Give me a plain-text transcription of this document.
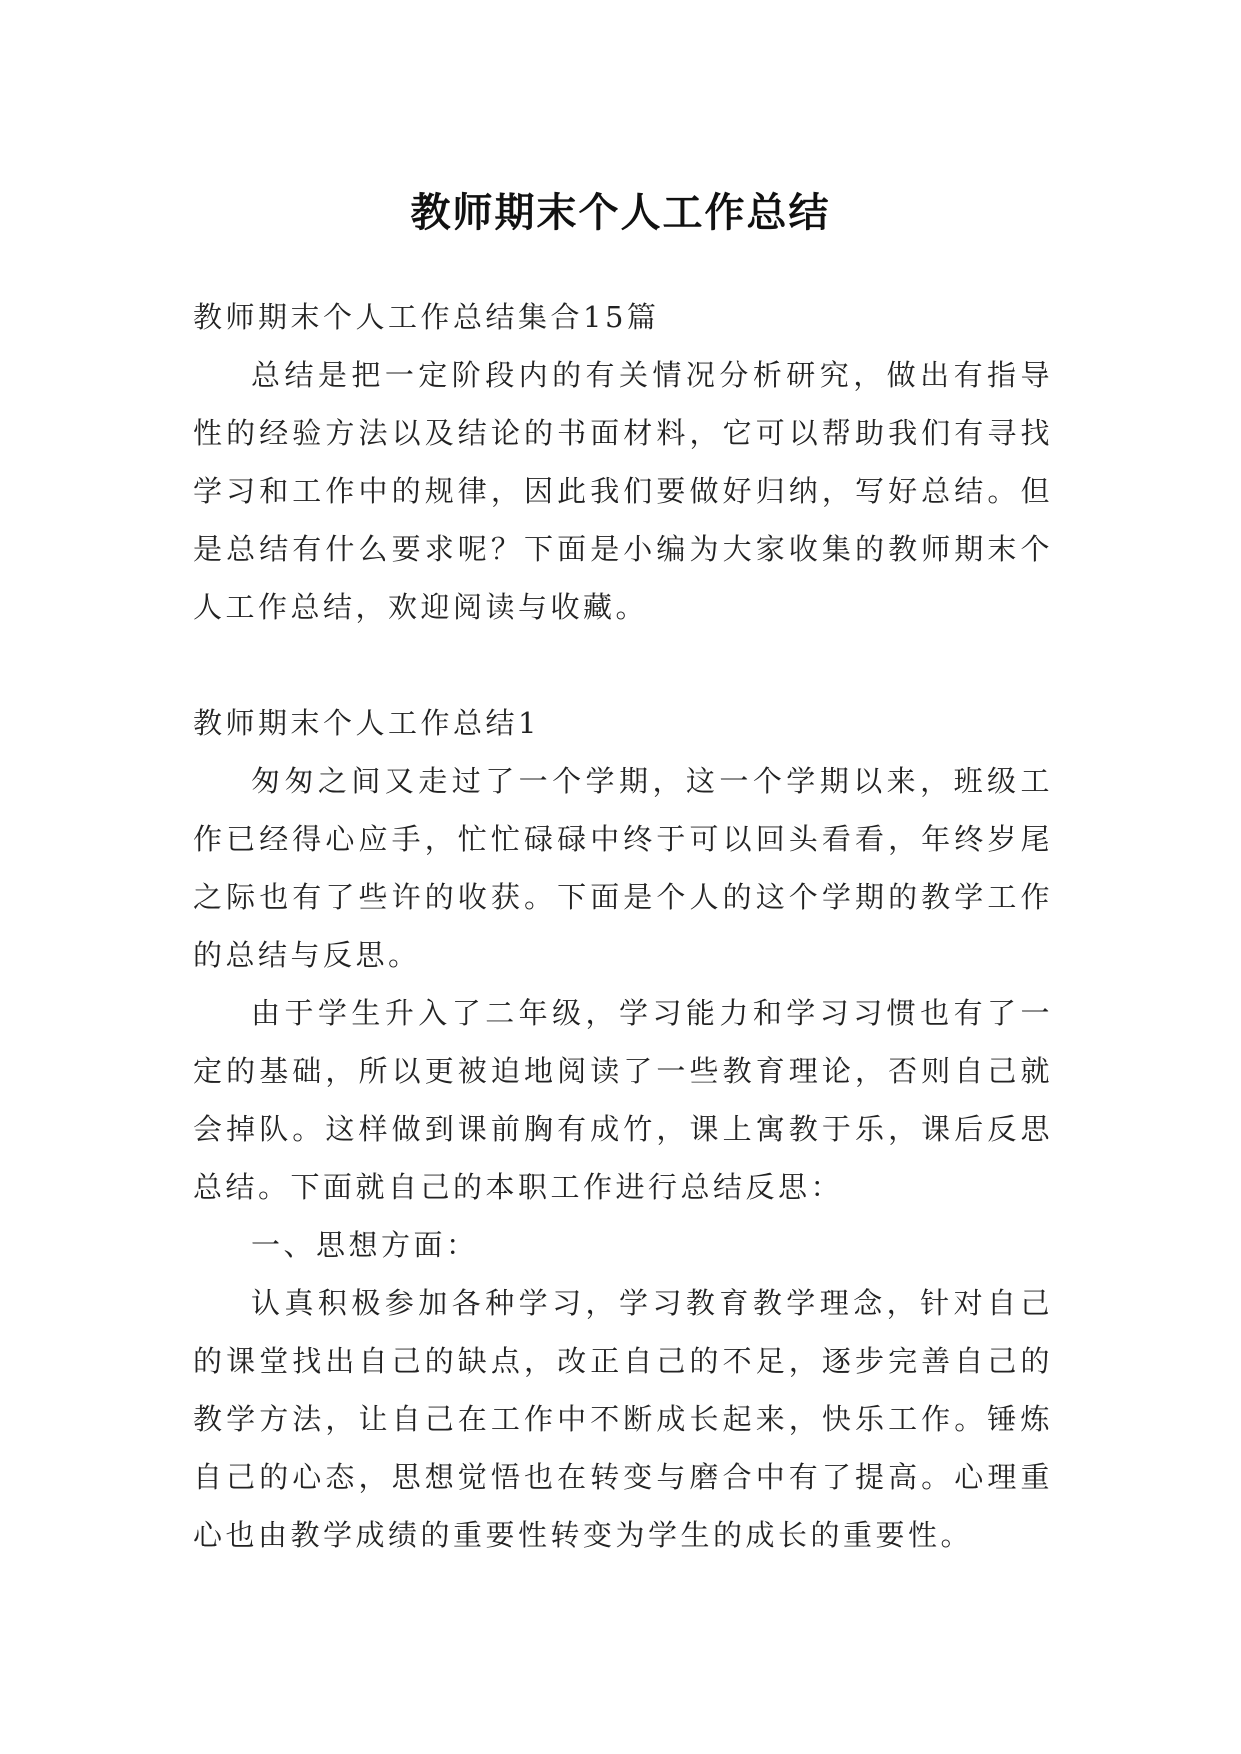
教师期末个人工作总结

教师期末个人工作总结集合15篇

总结是把一定阶段内的有关情况分析研究，做出有指导性的经验方法以及结论的书面材料，它可以帮助我们有寻找学习和工作中的规律，因此我们要做好归纳，写好总结。但是总结有什么要求呢？下面是小编为大家收集的教师期末个人工作总结，欢迎阅读与收藏。

教师期末个人工作总结1

匆匆之间又走过了一个学期，这一个学期以来，班级工作已经得心应手，忙忙碌碌中终于可以回头看看，年终岁尾之际也有了些许的收获。下面是个人的这个学期的教学工作的总结与反思。

由于学生升入了二年级，学习能力和学习习惯也有了一定的基础，所以更被迫地阅读了一些教育理论，否则自己就会掉队。这样做到课前胸有成竹，课上寓教于乐，课后反思总结。下面就自己的本职工作进行总结反思：

一、思想方面：

认真积极参加各种学习，学习教育教学理念，针对自己的课堂找出自己的缺点，改正自己的不足，逐步完善自己的教学方法，让自己在工作中不断成长起来，快乐工作。锤炼自己的心态，思想觉悟也在转变与磨合中有了提高。心理重心也由教学成绩的重要性转变为学生的成长的重要性。
